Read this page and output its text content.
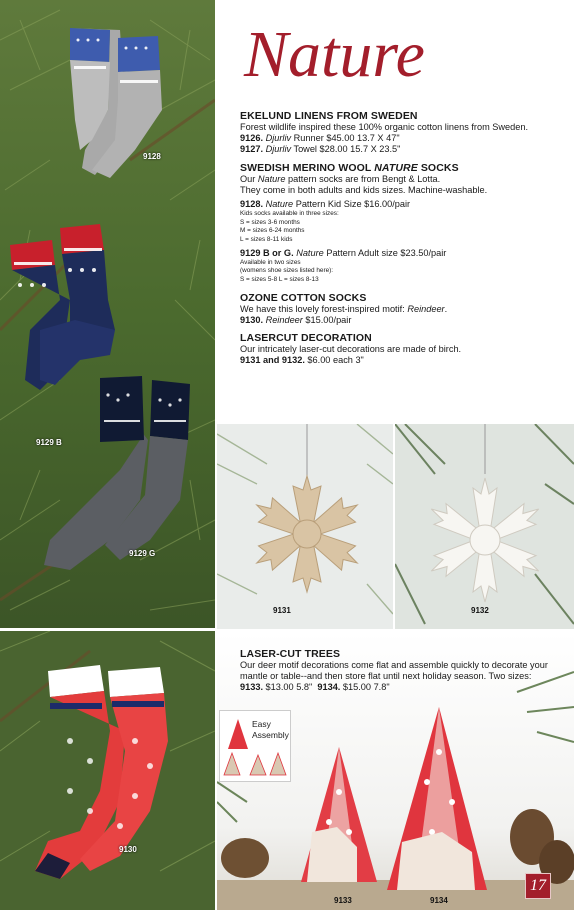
9128
9129 B
9129 G
9130
Nature

EKELUND LINENS FROM SWEDEN

Forest wildlife inspired these 100% organic cotton linens from Sweden.

9126. Djurliv Runner $45.00 13.7 X 47"

9127. Djurliv Towel $28.00 15.7 X 23.5"

SWEDISH MERINO WOOL NATURE SOCKS

Our Nature pattern socks are from Bengt & Lotta.

They come in both adults and kids sizes. Machine-washable.

9128. Nature Pattern Kid Size $16.00/pair

Kids socks available in three sizes:

S = sizes 3-6 months

M = sizes 6-24 months

L = sizes 8-11 kids

9129 B or G. Nature Pattern Adult size $23.50/pair

Available in two sizes

(womens shoe sizes listed here):

S = sizes 5-8 L = sizes 8-13

OZONE COTTON SOCKS

We have this lovely forest-inspired motif: Reindeer.

9130. Reindeer $15.00/pair

LASERCUT DECORATION

Our intricately laser-cut decorations are made of birch.

9131 and 9132. $6.00 each 3"

9131	9132
9133	9134

LASER-CUT TREES

Our deer motif decorations come flat and assemble quickly to decorate your

mantle or table--and then store flat until next holiday season. Two sizes:

9133. $13.00 5.8" 9134. $15.00 7.8"

Easy
Assembly
17
